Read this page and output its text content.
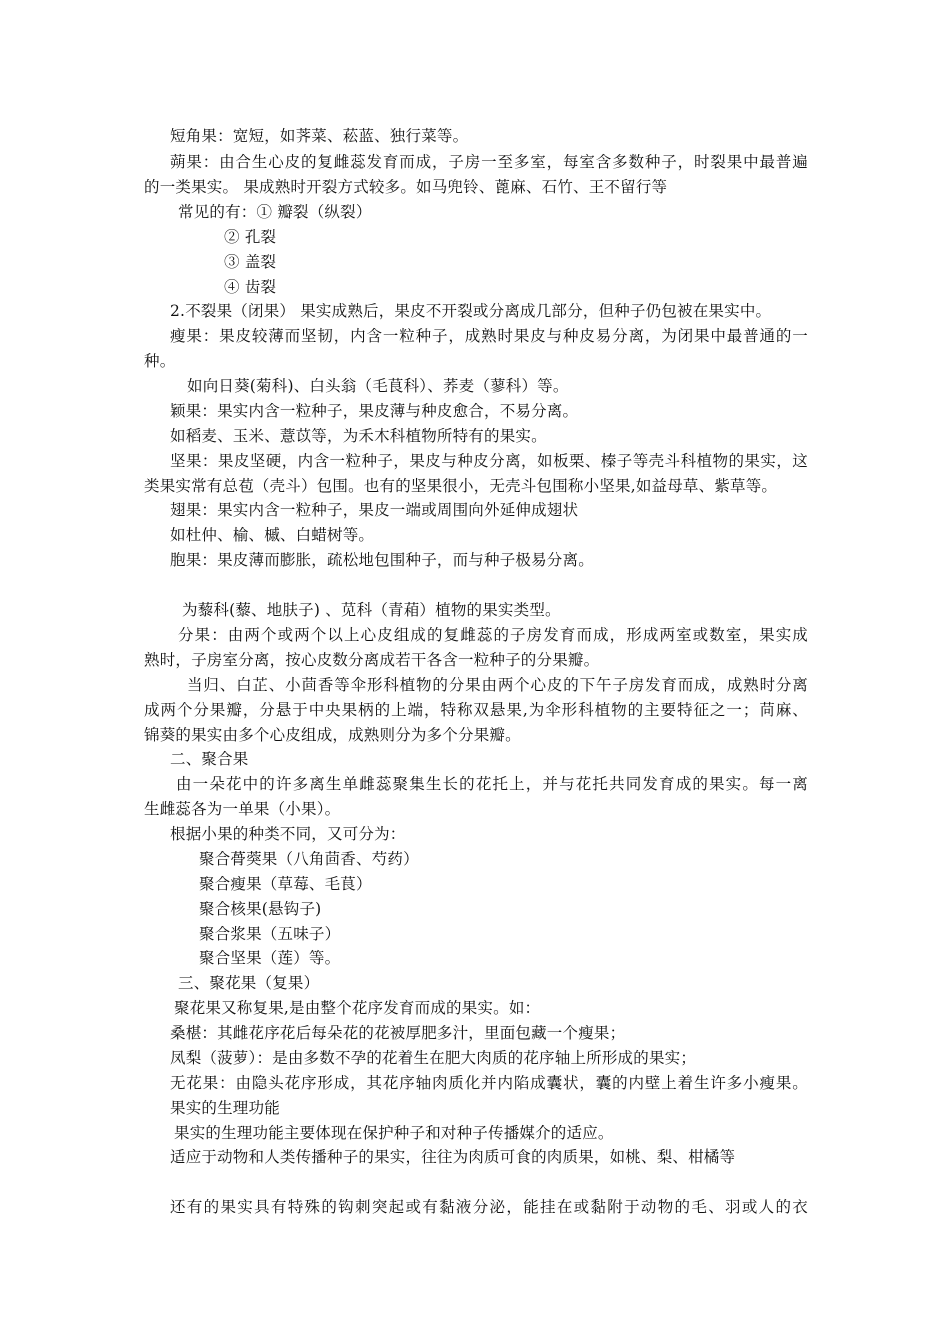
短角果：宽短，如荠菜、菘蓝、独行菜等。
蒴果：由合生心皮的复雌蕊发育而成，子房一至多室，每室含多数种子，时裂果中最普遍
的一类果实。 果成熟时开裂方式较多。如马兜铃、蓖麻、石竹、王不留行等
常见的有：① 瓣裂（纵裂）
② 孔裂
③ 盖裂
④ 齿裂
2.不裂果（闭果） 果实成熟后，果皮不开裂或分离成几部分，但种子仍包被在果实中。
瘦果：果皮较薄而坚韧，内含一粒种子，成熟时果皮与种皮易分离，为闭果中最普通的一
种。
如向日葵(菊科)、白头翁（毛茛科）、荞麦（蓼科）等。
颖果：果实内含一粒种子，果皮薄与种皮愈合，不易分离。
如稻麦、玉米、薏苡等，为禾木科植物所特有的果实。
坚果：果皮坚硬，内含一粒种子，果皮与种皮分离，如板栗、榛子等壳斗科植物的果实，这
类果实常有总苞（壳斗）包围。也有的坚果很小，无壳斗包围称小坚果,如益母草、紫草等。
翅果：果实内含一粒种子，果皮一端或周围向外延伸成翅状
如杜仲、榆、槭、白蜡树等。
胞果：果皮薄而膨胀，疏松地包围种子，而与种子极易分离。
为藜科(藜、地肤子) 、苋科（青葙）植物的果实类型。
分果：由两个或两个以上心皮组成的复雌蕊的子房发育而成，形成两室或数室，果实成
熟时，子房室分离，按心皮数分离成若干各含一粒种子的分果瓣。
当归、白芷、小茴香等伞形科植物的分果由两个心皮的下午子房发育而成，成熟时分离
成两个分果瓣，分悬于中央果柄的上端，特称双悬果,为伞形科植物的主要特征之一；苘麻、
锦葵的果实由多个心皮组成，成熟则分为多个分果瓣。
二、聚合果
由一朵花中的许多离生单雌蕊聚集生长的花托上，并与花托共同发育成的果实。每一离
生雌蕊各为一单果（小果）。
根据小果的种类不同，又可分为：
聚合蓇葖果（八角茴香、芍药）
聚合瘦果（草莓、毛茛）
聚合核果(悬钩子)
聚合浆果（五味子）
聚合坚果（莲）等。
三、聚花果（复果）
聚花果又称复果,是由整个花序发育而成的果实。如：
桑椹：其雌花序花后每朵花的花被厚肥多汁，里面包藏一个瘦果；
凤梨（菠萝）：是由多数不孕的花着生在肥大肉质的花序轴上所形成的果实；
无花果：由隐头花序形成，其花序轴肉质化并内陷成囊状，囊的内壁上着生许多小瘦果。
果实的生理功能
果实的生理功能主要体现在保护种子和对种子传播媒介的适应。
适应于动物和人类传播种子的果实，往往为肉质可食的肉质果，如桃、梨、柑橘等
还有的果实具有特殊的钩刺突起或有黏液分泌，能挂在或黏附于动物的毛、羽或人的衣
